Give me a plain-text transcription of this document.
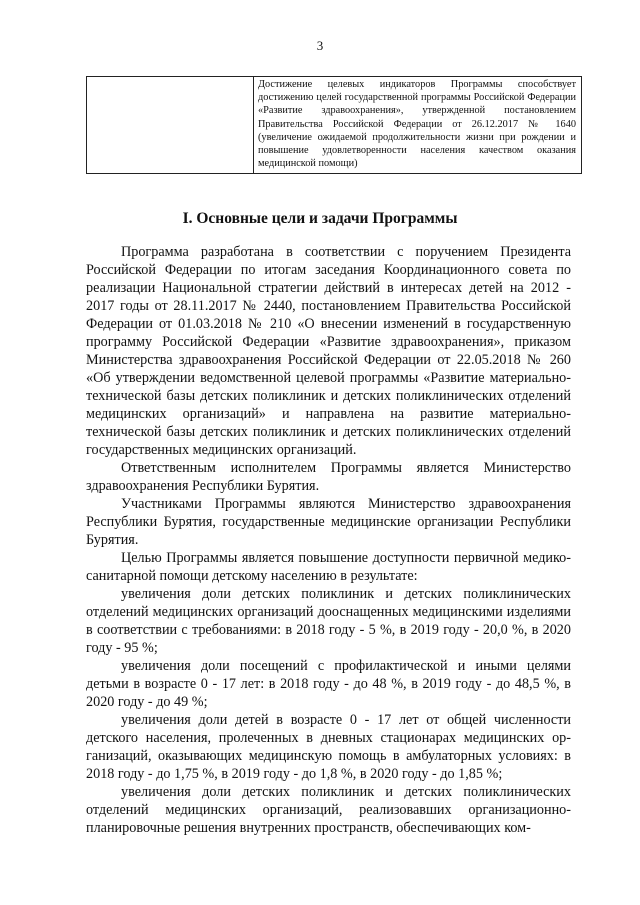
3
Достижение целевых индикаторов Программы способствует достижению целей государственной программы Российской Федерации «Развитие здравоохранения», утвержденной постановлением Правительства Российской Федерации от 26.12.2017 № 1640 (увеличение ожидаемой продолжительности жизни при рождении и повышение удовлетворенности населения качеством оказания медицинской помощи)
I. Основные цели и задачи Программы

Программа разработана в соответствии с поручением Президента Российской Федерации по итогам заседания Координационного совета по реализации Национальной стратегии действий в интересах детей на 2012 - 2017 годы от 28.11.2017 № 2440, постановлением Правительства Российской Федерации от 01.03.2018 № 210 «О внесении изменений в государственную программу Российской Федерации «Развитие здравоохранения», приказом Министерства здравоохранения Российской Федерации от 22.05.2018 № 260 «Об утверждении ведомственной целевой программы «Развитие материально-технической базы детских поликлиник и детских поликлинических отделений медицинских организаций» и направлена на развитие материально-технической базы детских поликлиник и детских поликлинических отделений государственных медицинских организаций.

Ответственным исполнителем Программы является Министерство здравоохранения Республики Бурятия.

Участниками Программы являются Министерство здравоохранения Республики Бурятия, государственные медицинские организации Республики Бурятия.

Целью Программы является повышение доступности первичной медико-санитарной помощи детскому населению в результате:

увеличения доли детских поликлиник и детских поликлинических отделений медицинских организаций дооснащенных медицинскими изделиями в соответствии с требованиями: в 2018 году - 5 %, в 2019 году - 20,0 %, в 2020 году - 95 %;

увеличения доли посещений с профилактической и иными целями детьми в возрасте 0 - 17 лет: в 2018 году - до 48 %, в 2019 году - до 48,5 %, в 2020 году - до 49 %;

увеличения доли детей в возрасте 0 - 17 лет от общей численности детского населения, пролеченных в дневных стационарах медицинских организаций, оказывающих медицинскую помощь в амбулаторных условиях: в 2018 году - до 1,75 %, в 2019 году - до 1,8 %, в 2020 году - до 1,85 %;

увеличения доли детских поликлиник и детских поликлинических отделений медицинских организаций, реализовавших организационно-планировочные решения внутренних пространств, обеспечивающих ком-
